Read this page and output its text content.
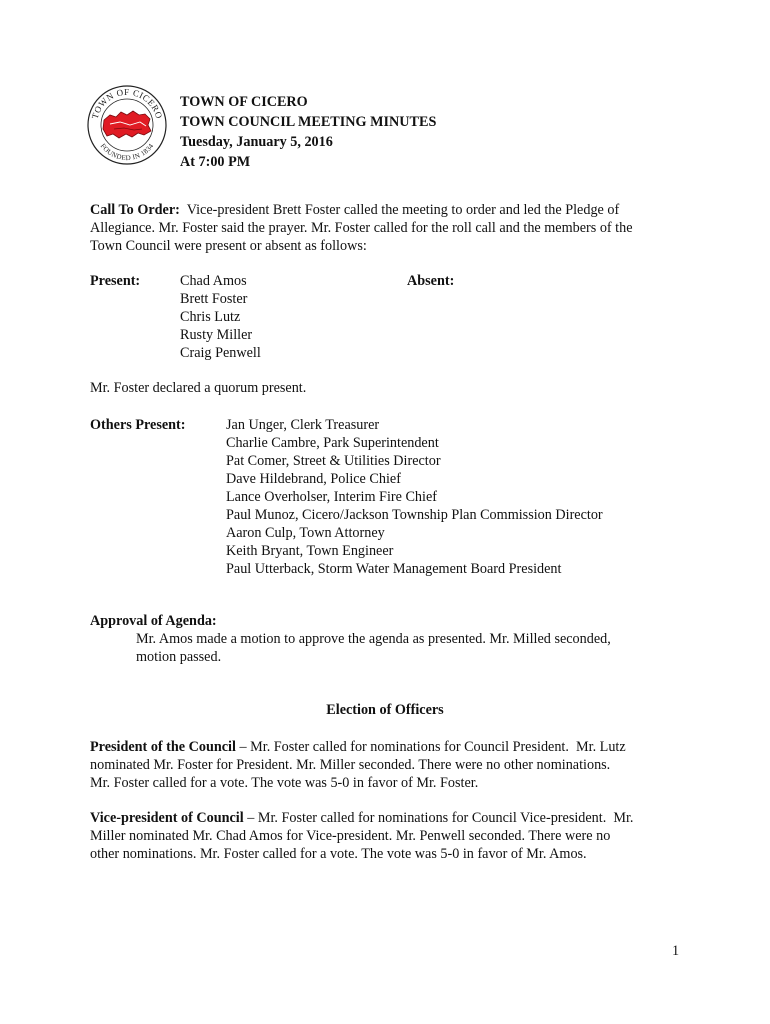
TOWN OF CICERO
FOUNDED IN 1834
TOWN OF CICERO
TOWN COUNCIL MEETING MINUTES
Tuesday, January 5, 2016
At 7:00 PM
Call To Order:  Vice-president Brett Foster called the meeting to order and led the Pledge of
Allegiance. Mr. Foster said the prayer. Mr. Foster called for the roll call and the members of the
Town Council were present or absent as follows:
Present:	Absent:
Chad Amos
Brett Foster
Chris Lutz
Rusty Miller
Craig Penwell
Mr. Foster declared a quorum present.
Others Present:	Jan Unger, Clerk Treasurer
Charlie Cambre, Park Superintendent
Pat Comer, Street & Utilities Director
Dave Hildebrand, Police Chief
Lance Overholser, Interim Fire Chief
Paul Munoz, Cicero/Jackson Township Plan Commission Director
Aaron Culp, Town Attorney
Keith Bryant, Town Engineer
Paul Utterback, Storm Water Management Board President
Approval of Agenda:
Mr. Amos made a motion to approve the agenda as presented. Mr. Milled seconded,
motion passed.
Election of Officers
President of the Council – Mr. Foster called for nominations for Council President.  Mr. Lutz
nominated Mr. Foster for President. Mr. Miller seconded. There were no other nominations.
Mr. Foster called for a vote. The vote was 5-0 in favor of Mr. Foster.
Vice-president of Council – Mr. Foster called for nominations for Council Vice-president.  Mr.
Miller nominated Mr. Chad Amos for Vice-president. Mr. Penwell seconded. There were no
other nominations. Mr. Foster called for a vote. The vote was 5-0 in favor of Mr. Amos.
1
